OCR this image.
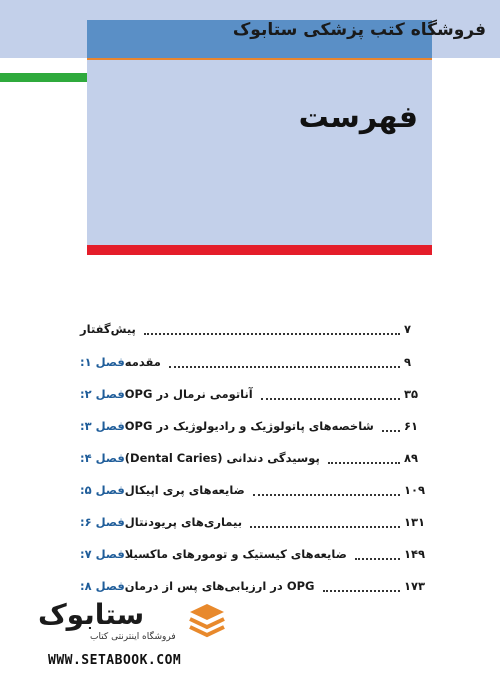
فروشگاه کتب پزشکی ستابوک
فهرست
پیش‌گفتار	۷
فصل ۱: مقدمه	۹
فصل ۲: آناتومی نرمال در OPG	۳۵
فصل ۳: شاخصه‌های پاتولوژیک و رادیولوژیک در OPG	۶۱
فصل ۴: پوسیدگی دندانی (Dental Caries)	۸۹
فصل ۵: ضایعه‌های پری اپیکال	۱۰۹
فصل ۶: بیماری‌های پریودنتال	۱۳۱
فصل ۷: ضایعه‌های کیستیک و تومورهای ماکسیلا	۱۴۹
فصل ۸: OPG در ارزیابی‌های پس از درمان	۱۷۳
ستابوک
فروشگاه اینترنتی کتاب
WWW.SETABOOK.COM
